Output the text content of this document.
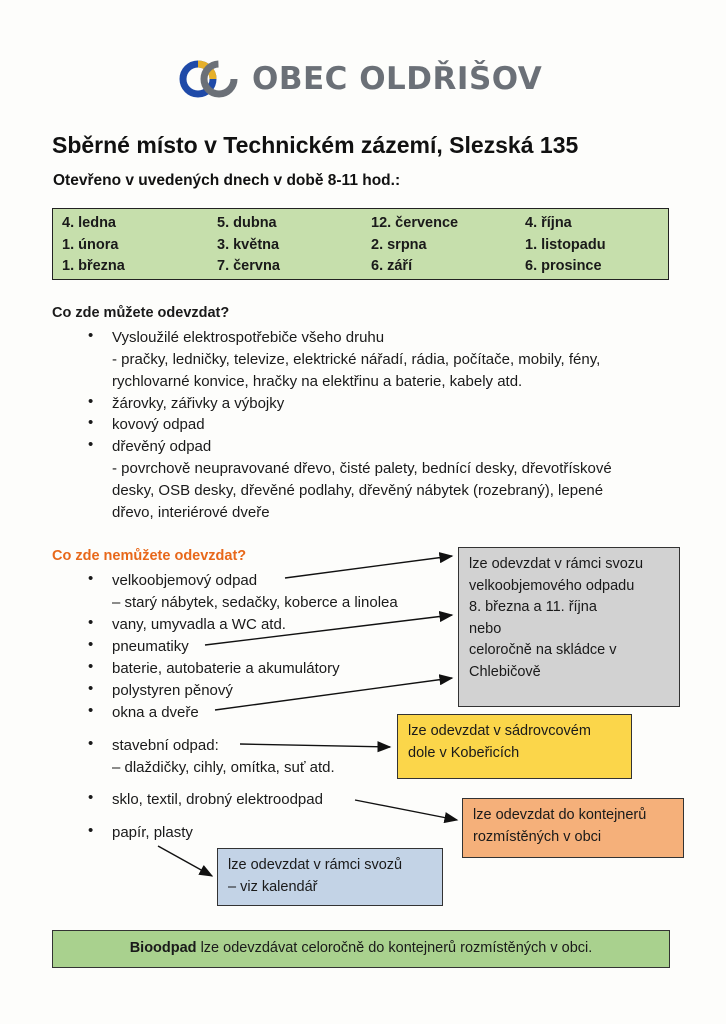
OBEC OLDŘIŠOV
Sběrné místo v Technickém zázemí, Slezská 135
Otevřeno v uvedených dnech v době 8-11 hod.:
4. ledna
1. února
1. března
5. dubna
3. května
7. června
12. července
2. srpna
6. září
4. října
1. listopadu
6. prosince
Co zde můžete odevzdat?
• Vysloužilé elektrospotřebiče všeho druhu
- pračky, ledničky, televize, elektrické nářadí, rádia, počítače, mobily, fény,
rychlovarné konvice, hračky na elektřinu a baterie, kabely atd.
• žárovky, zářivky a výbojky
• kovový odpad
• dřevěný odpad
- povrchově neupravované dřevo, čisté palety, bednící desky, dřevotřískové
desky, OSB desky, dřevěné podlahy, dřevěný nábytek (rozebraný), lepené
dřevo, interiérové dveře
Co zde nemůžete odevzdat?
• velkoobjemový odpad
– starý nábytek, sedačky, koberce a linolea
• vany, umyvadla a WC atd.
• pneumatiky
• baterie, autobaterie a akumulátory
• polystyren pěnový
• okna a dveře
• stavební odpad:
– dlaždičky, cihly, omítka, suť atd.
• sklo, textil, drobný elektroodpad
• papír, plasty
lze odevzdat v rámci svozu
velkoobjemového odpadu
8. března a 11. října
nebo
celoročně na skládce v
Chlebičově
lze odevzdat v sádrovcovém
dole v Kobeřicích
lze odevzdat do kontejnerů
rozmístěných v obci
lze odevzdat v rámci svozů
– viz kalendář
Bioodpad lze odevzdávat celoročně do kontejnerů rozmístěných v obci.
